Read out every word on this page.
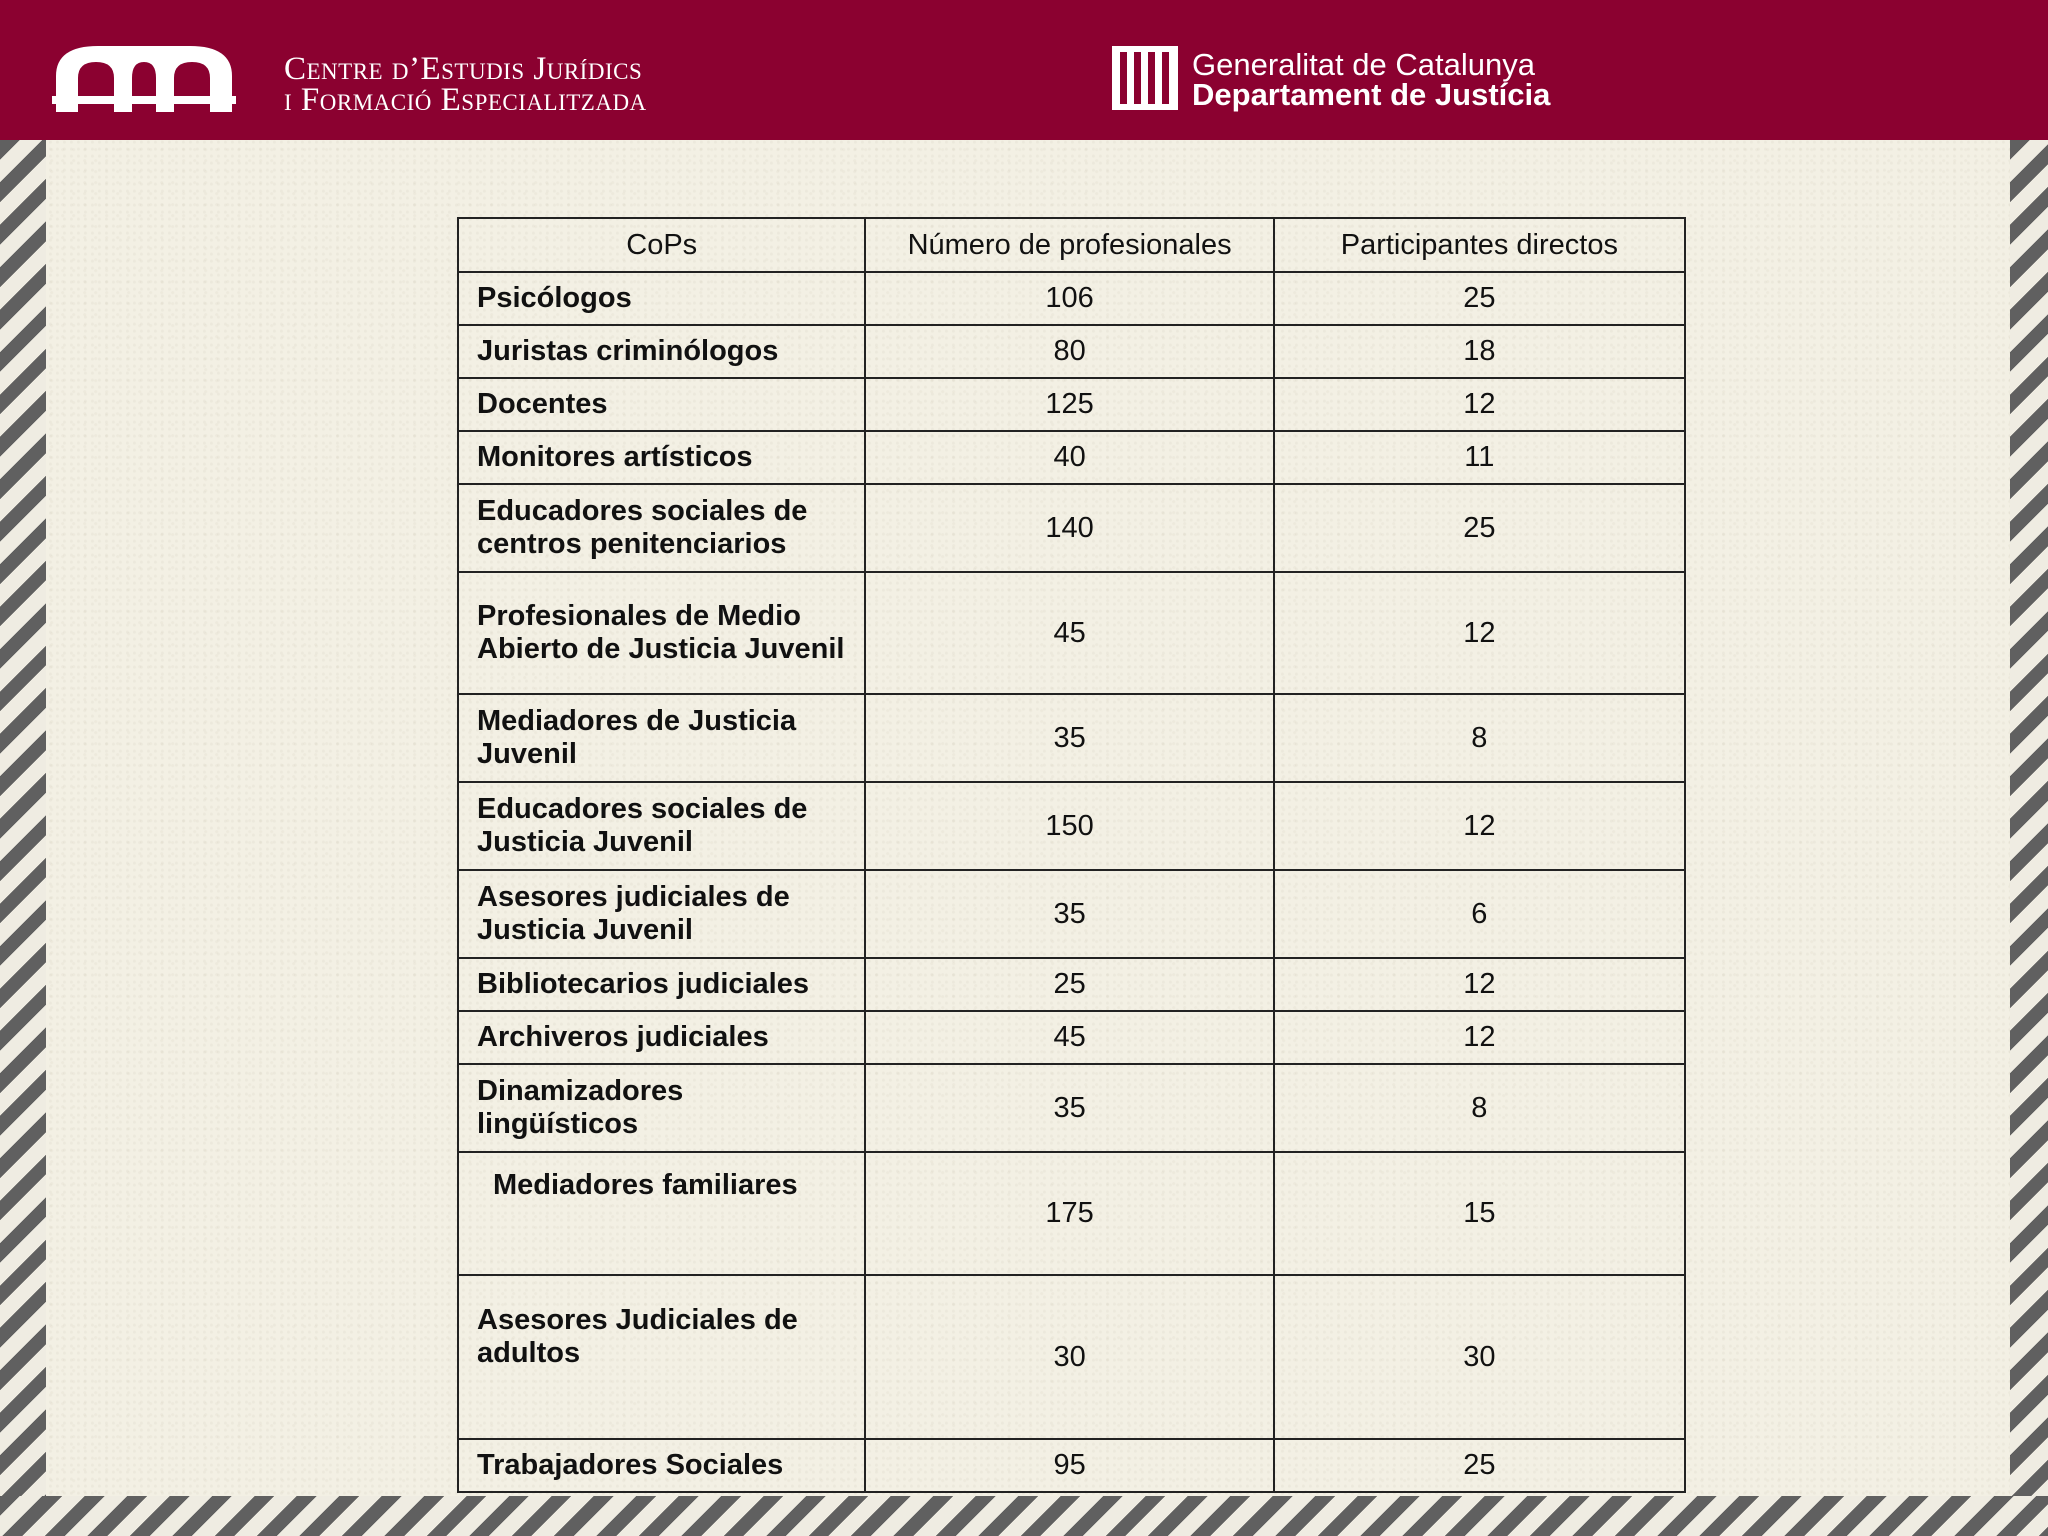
Centre d’Estudis Jurídics
i Formació Especialitzada
Generalitat de Catalunya
Departament de Justícia
CoPs	Número de profesionales	Participantes directos
Psicólogos	106	25
Juristas criminólogos	80	18
Docentes	125	12
Monitores artísticos	40	11
Educadores sociales de centros penitenciarios	140	25
Profesionales de Medio Abierto de Justicia Juvenil	45	12
Mediadores de Justicia Juvenil	35	8
Educadores sociales de Justicia Juvenil	150	12
Asesores judiciales de Justicia Juvenil	35	6
Bibliotecarios judiciales	25	12
Archiveros judiciales	45	12
Dinamizadores lingüísticos	35	8
Mediadores familiares	175	15
Asesores Judiciales de adultos	30	30
Trabajadores Sociales	95	25
